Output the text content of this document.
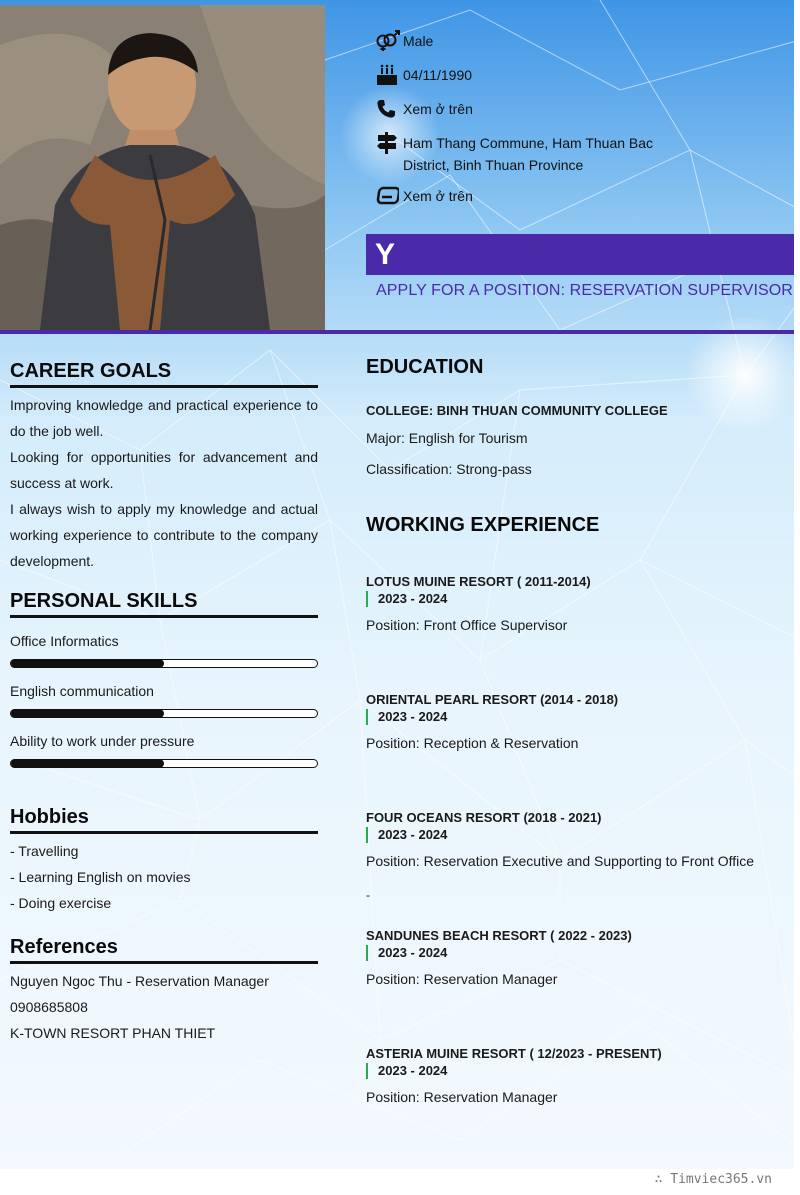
Male
04/11/1990
Xem ở trên
Ham Thang Commune, Ham Thuan Bac District, Binh Thuan Province
Xem ở trên
Y
APPLY FOR A POSITION: RESERVATION SUPERVISOR
CAREER GOALS

Improving knowledge and practical experience to do the job well.

Looking for opportunities for advancement and success at work.

I always wish to apply my knowledge and actual working experience to contribute to the company development.

PERSONAL SKILLS
Office Informatics
English communication
Ability to work under pressure
Hobbies
- Travelling
- Learning English on movies
- Doing exercise
References
Nguyen Ngoc Thu - Reservation Manager
0908685808
K-TOWN RESORT PHAN THIET
EDUCATION
COLLEGE: BINH THUAN COMMUNITY COLLEGE
Major: English for Tourism
Classification: Strong-pass
WORKING EXPERIENCE
LOTUS MUINE RESORT ( 2011-2014)
2023 - 2024
Position: Front Office Supervisor
ORIENTAL PEARL RESORT (2014 - 2018)
2023 - 2024
Position: Reception & Reservation
FOUR OCEANS RESORT (2018 - 2021)
2023 - 2024
Position: Reservation Executive and Supporting to Front Office
-
SANDUNES BEACH RESORT ( 2022 - 2023)
2023 - 2024
Position: Reservation Manager
ASTERIA MUINE RESORT ( 12/2023 - PRESENT)
2023 - 2024
Position: Reservation Manager
∴ Timviec365.vn
